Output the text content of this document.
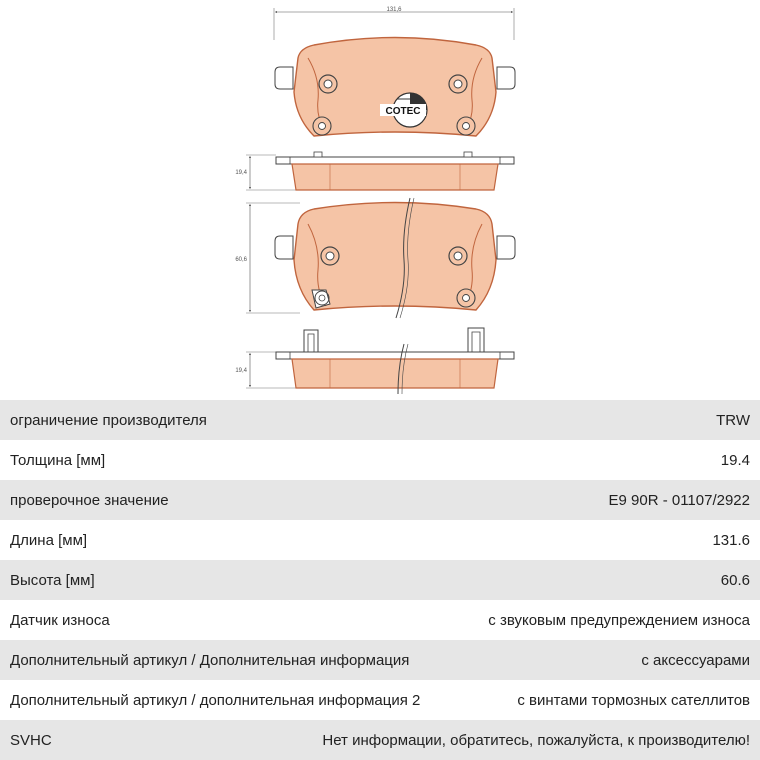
131,6
COTEC
19,4
60,6
19,4
ограничение производителя	TRW
Толщина [мм]	19.4
проверочное значение	E9 90R - 01107/2922
Длина [мм]	131.6
Высота [мм]	60.6
Датчик износа	с звуковым предупреждением износа
Дополнительный артикул / Дополнительная информация	с аксессуарами
Дополнительный артикул / дополнительная информация 2	с винтами тормозных сателлитов
SVHC	Нет информации, обратитесь, пожалуйста, к производителю!
